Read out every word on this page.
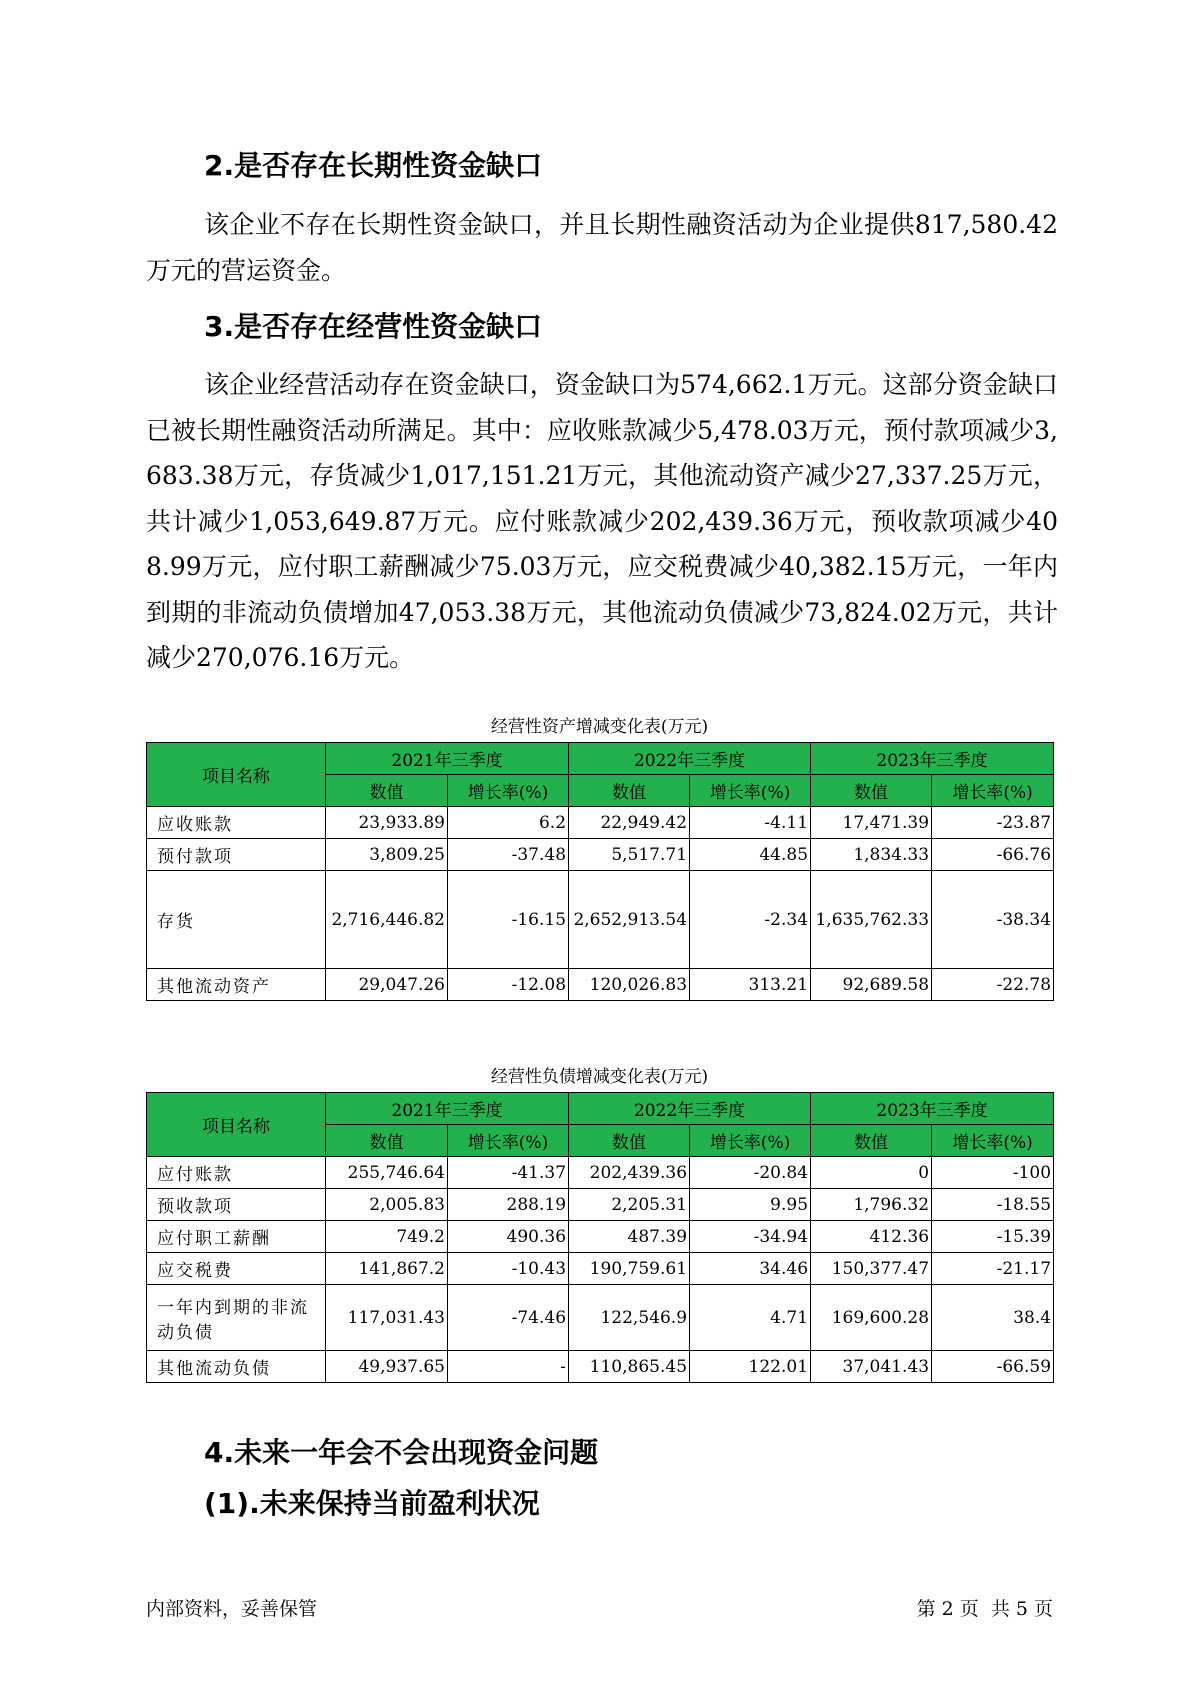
2.是否存在长期性资金缺口

该企业不存在长期性资金缺口，并且长期性融资活动为企业提供817,580.42万元的营运资金。

3.是否存在经营性资金缺口

该企业经营活动存在资金缺口，资金缺口为574,662.1万元。这部分资金缺口已被长期性融资活动所满足。其中：应收账款减少5,478.03万元，预付款项减少3,683.38万元，存货减少1,017,151.21万元，其他流动资产减少27,337.25万元，共计减少1,053,649.87万元。应付账款减少202,439.36万元，预收款项减少408.99万元，应付职工薪酬减少75.03万元，应交税费减少40,382.15万元，一年内到期的非流动负债增加47,053.38万元，其他流动负债减少73,824.02万元，共计减少270,076.16万元。

经营性资产增减变化表(万元)

项目名称	2021年三季度		2022年三季度		2023年三季度	
	数值	增长率(%)	数值	增长率(%)	数值	增长率(%)
应收账款	23,933.89	6.2	22,949.42	-4.11	17,471.39	-23.87
预付款项	3,809.25	-37.48	5,517.71	44.85	1,834.33	-66.76
存货	2,716,446.82	-16.15	2,652,913.54	-2.34	1,635,762.33	-38.34
其他流动资产	29,047.26	-12.08	120,026.83	313.21	92,689.58	-22.78

经营性负债增减变化表(万元)

项目名称	2021年三季度		2022年三季度		2023年三季度	
	数值	增长率(%)	数值	增长率(%)	数值	增长率(%)
应付账款	255,746.64	-41.37	202,439.36	-20.84	0	-100
预收款项	2,005.83	288.19	2,205.31	9.95	1,796.32	-18.55
应付职工薪酬	749.2	490.36	487.39	-34.94	412.36	-15.39
应交税费	141,867.2	-10.43	190,759.61	34.46	150,377.47	-21.17
一年内到期的非流动负债	117,031.43	-74.46	122,546.9	4.71	169,600.28	38.4
其他流动负债	49,937.65	-	110,865.45	122.01	37,041.43	-66.59
4.未来一年会不会出现资金问题
(1).未来保持当前盈利状况

内部资料，妥善保管	第 2 页  共 5 页
